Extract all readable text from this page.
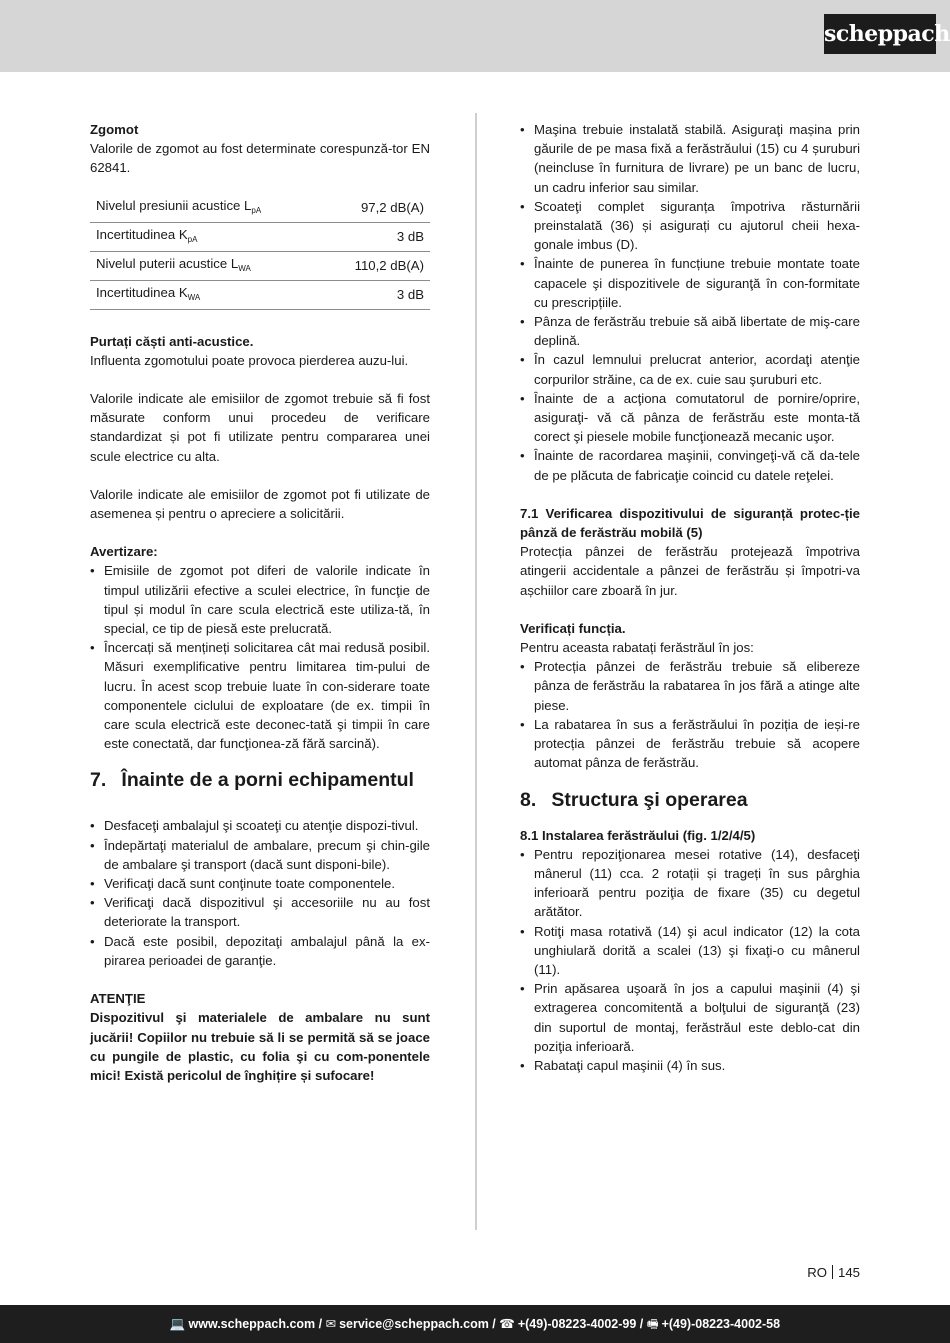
scheppach

Zgomot

Valorile de zgomot au fost determinate corespunză-tor EN 62841.

Nivelul presiunii acustice $L_{pA}$	97,2 dB(A)
Incertitudinea $K_{pA}$	3 dB
Nivelul puterii acustice $L_{WA}$	110,2 dB(A)
Incertitudinea $K_{WA}$	3 dB

Purtați căști anti-acustice.

Influenta zgomotului poate provoca pierderea auzu-lui.

Valorile indicate ale emisiilor de zgomot trebuie să fi fost măsurate conform unui procedeu de verificare standardizat și pot fi utilizate pentru compararea unei scule electrice cu alta.

Valorile indicate ale emisiilor de zgomot pot fi utilizate de asemenea și pentru o apreciere a solicitării.

Avertizare:

• Emisiile de zgomot pot diferi de valorile indicate în timpul utilizării efective a sculei electrice, în funcţie de tipul și modul în care scula electrică este utiliza-tă, în special, ce tip de piesă este prelucrată.
• Încercați să mențineți solicitarea cât mai redusă posibil. Măsuri exemplificative pentru limitarea tim-pului de lucru. În acest scop trebuie luate în con-siderare toate componentele ciclului de exploatare (de ex. timpii în care scula electrică este deconec-tată şi timpii în care este conectată, dar funcţionea-ză fără sarcină).
7. Înainte de a porni echipamentul
• Desfaceţi ambalajul şi scoateţi cu atenţie dispozi-tivul.
• Îndepărtaţi materialul de ambalare, precum şi chin-gile de ambalare şi transport (dacă sunt disponi-bile).
• Verificaţi dacă sunt conţinute toate componentele.
• Verificaţi dacă dispozitivul şi accesoriile nu au fost deteriorate la transport.
• Dacă este posibil, depozitaţi ambalajul până la ex-pirarea perioadei de garanţie.

ATENŢIE

Dispozitivul şi materialele de ambalare nu sunt jucării! Copiilor nu trebuie să li se permită să se joace cu pungile de plastic, cu folia şi cu com-ponentele mici! Există pericolul de înghițire și sufocare!

• Maşina trebuie instalată stabilă. Asiguraţi mașina prin găurile de pe masa fixă a ferăstrăului (15) cu 4 șuruburi (neincluse în furnitura de livrare) pe un banc de lucru, un cadru inferior sau similar.
• Scoateţi complet siguranța împotriva răsturnării preinstalată (36) și asigurați cu ajutorul cheii hexa-gonale imbus (D).
• Înainte de punerea în funcțiune trebuie montate toate capacele şi dispozitivele de siguranţă în con-formitate cu prescripțiile.
• Pânza de ferăstrău trebuie să aibă libertate de miş-care deplină.
• În cazul lemnului prelucrat anterior, acordaţi atenţie corpurilor străine, ca de ex. cuie sau şuruburi etc.
• Înainte de a acţiona comutatorul de pornire/oprire, asiguraţi- vă că pânza de ferăstrău este monta-tă corect şi piesele mobile funcţionează mecanic uşor.
• Înainte de racordarea maşinii, convingeţi-vă că da-tele de pe plăcuta de fabricaţie coincid cu datele reţelei.

7.1 Verificarea dispozitivului de siguranță protec-ție pânză de ferăstrău mobilă (5)

Protecția pânzei de ferăstrău protejează împotriva atingerii accidentale a pânzei de ferăstrău și împotri-va așchiilor care zboară în jur.

Verificați funcția.

Pentru aceasta rabatați ferăstrăul în jos:

• Protecția pânzei de ferăstrău trebuie să elibereze pânza de ferăstrău la rabatarea în jos fără a atinge alte piese.
• La rabatarea în sus a ferăstrăului în poziția de ieși-re protecția pânzei de ferăstrău trebuie să acopere automat pânza de ferăstrău.
8. Structura şi operarea

8.1 Instalarea ferăstrăului (fig. 1/2/4/5)

• Pentru repoziţionarea mesei rotative (14), desfaceţi mânerul (11) cca. 2 rotații și trageți în sus pârghia inferioară pentru poziţia de fixare (35) cu degetul arătător.
• Rotiţi masa rotativă (14) şi acul indicator (12) la cota unghiulară dorită a scalei (13) şi fixaţi-o cu mânerul (11).
• Prin apăsarea uşoară în jos a capului maşinii (4) şi extragerea concomitentă a bolţului de siguranţă (23) din suportul de montaj, ferăstrăul este deblo-cat din poziţia inferioară.
• Rabataţi capul maşinii (4) în sus.
RO 145
💻 www.scheppach.com / ✉ service@scheppach.com / ☎ +(49)-08223-4002-99 / 🖷 +(49)-08223-4002-58
